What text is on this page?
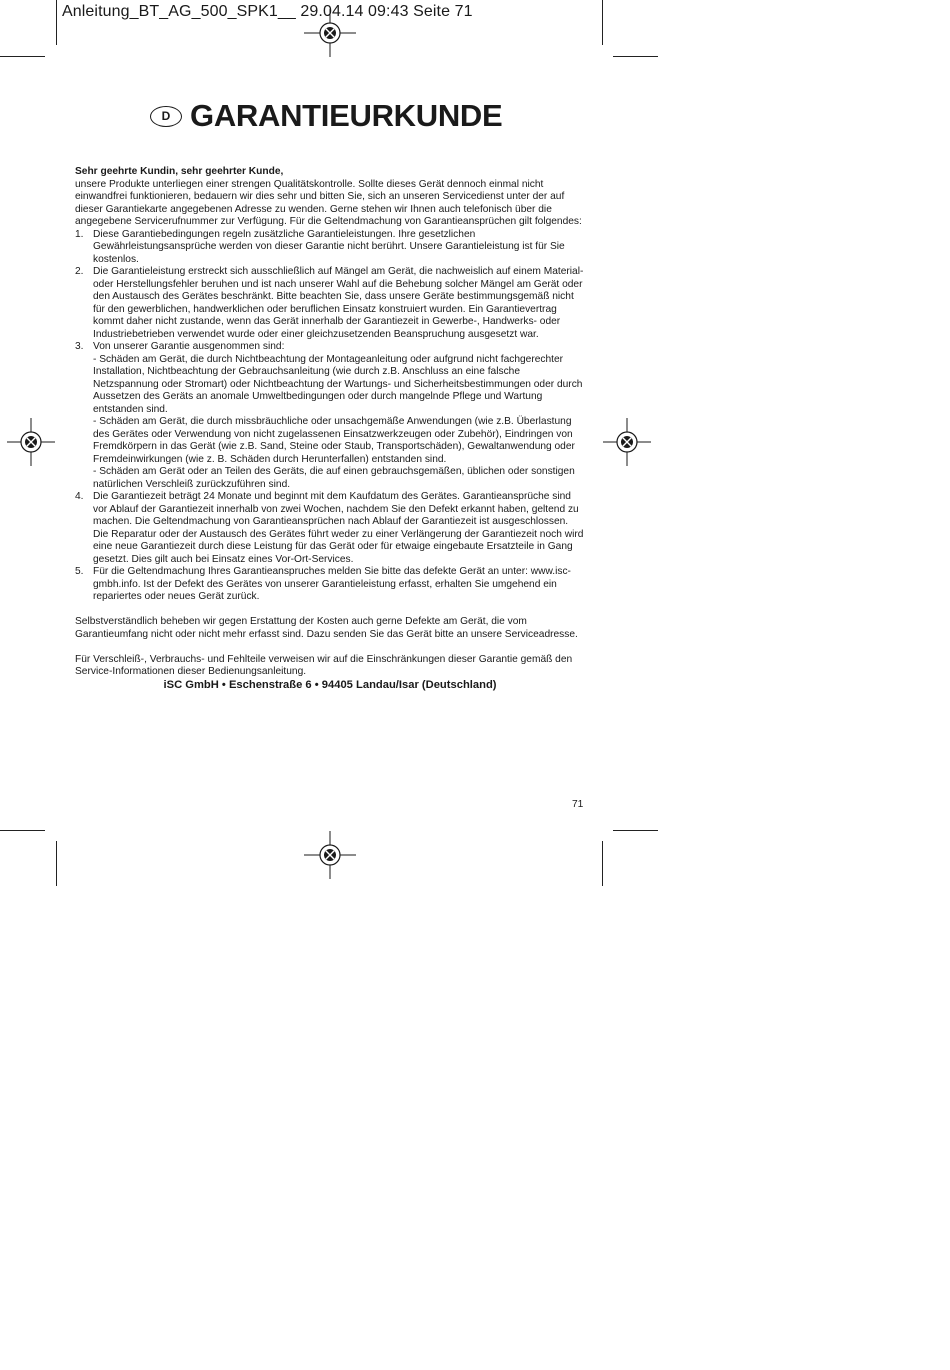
Anleitung_BT_AG_500_SPK1__ 29.04.14 09:43 Seite 71
D GARANTIEURKUNDE

Sehr geehrte Kundin, sehr geehrter Kunde,

unsere Produkte unterliegen einer strengen Qualitätskontrolle. Sollte dieses Gerät dennoch einmal nicht einwandfrei funktionieren, bedauern wir dies sehr und bitten Sie, sich an unseren Servicedienst unter der auf dieser Garantiekarte angegebenen Adresse zu wenden. Gerne stehen wir Ihnen auch telefonisch über die angegebene Servicerufnummer zur Verfügung. Für die Geltendmachung von Garantieansprüchen gilt folgendes:

1. Diese Garantiebedingungen regeln zusätzliche Garantieleistungen. Ihre gesetzlichen Gewährleistungsansprüche werden von dieser Garantie nicht berührt. Unsere Garantieleistung ist für Sie kostenlos.

2. Die Garantieleistung erstreckt sich ausschließlich auf Mängel am Gerät, die nachweislich auf einem Material- oder Herstellungsfehler beruhen und ist nach unserer Wahl auf die Behebung solcher Mängel am Gerät oder den Austausch des Gerätes beschränkt. Bitte beachten Sie, dass unsere Geräte bestimmungsgemäß nicht für den gewerblichen, handwerklichen oder beruflichen Einsatz konstruiert wurden. Ein Garantievertrag kommt daher nicht zustande, wenn das Gerät innerhalb der Garantiezeit in Gewerbe-, Handwerks- oder Industriebetrieben verwendet wurde oder einer gleichzusetzenden Beanspruchung ausgesetzt war.

3. Von unserer Garantie ausgenommen sind:

- Schäden am Gerät, die durch Nichtbeachtung der Montageanleitung oder aufgrund nicht fachgerechter Installation, Nichtbeachtung der Gebrauchsanleitung (wie durch z.B. Anschluss an eine falsche Netzspannung oder Stromart) oder Nichtbeachtung der Wartungs- und Sicherheitsbestimmungen oder durch Aussetzen des Geräts an anomale Umweltbedingungen oder durch mangelnde Pflege und Wartung entstanden sind.

- Schäden am Gerät, die durch missbräuchliche oder unsachgemäße Anwendungen (wie z.B. Überlastung des Gerätes oder Verwendung von nicht zugelassenen Einsatzwerkzeugen oder Zubehör), Eindringen von Fremdkörpern in das Gerät (wie z.B. Sand, Steine oder Staub, Transportschäden), Gewaltanwendung oder Fremdeinwirkungen (wie z. B. Schäden durch Herunterfallen) entstanden sind.

- Schäden am Gerät oder an Teilen des Geräts, die auf einen gebrauchsgemäßen, üblichen oder sonstigen natürlichen Verschleiß zurückzuführen sind.

4. Die Garantiezeit beträgt 24 Monate und beginnt mit dem Kaufdatum des Gerätes. Garantieansprüche sind vor Ablauf der Garantiezeit innerhalb von zwei Wochen, nachdem Sie den Defekt erkannt haben, geltend zu machen. Die Geltendmachung von Garantieansprüchen nach Ablauf der Garantiezeit ist ausgeschlossen. Die Reparatur oder der Austausch des Gerätes führt weder zu einer Verlängerung der Garantiezeit noch wird eine neue Garantiezeit durch diese Leistung für das Gerät oder für etwaige eingebaute Ersatzteile in Gang gesetzt. Dies gilt auch bei Einsatz eines Vor-Ort-Services.

5. Für die Geltendmachung Ihres Garantieanspruches melden Sie bitte das defekte Gerät an unter: www.isc-gmbh.info. Ist der Defekt des Gerätes von unserer Garantieleistung erfasst, erhalten Sie umgehend ein repariertes oder neues Gerät zurück.

Selbstverständlich beheben wir gegen Erstattung der Kosten auch gerne Defekte am Gerät, die vom Garantieumfang nicht oder nicht mehr erfasst sind. Dazu senden Sie das Gerät bitte an unsere Serviceadresse.

Für Verschleiß-, Verbrauchs- und Fehlteile verweisen wir auf die Einschränkungen dieser Garantie gemäß den Service-Informationen dieser Bedienungsanleitung.

iSC GmbH • Eschenstraße 6 • 94405 Landau/Isar (Deutschland)

71
